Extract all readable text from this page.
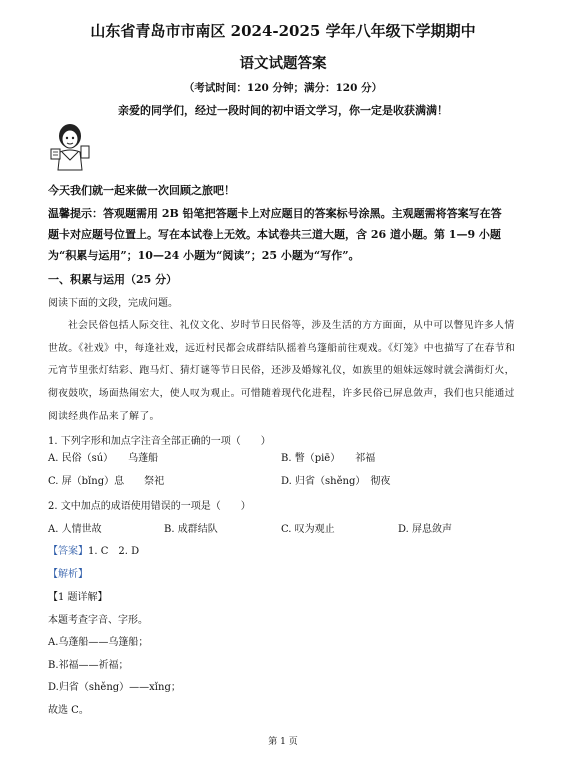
山东省青岛市市南区 2024-2025 学年八年级下学期期中
语文试题答案
（考试时间：120 分钟；满分：120 分）
亲爱的同学们，经过一段时间的初中语文学习，你一定是收获满满！
今天我们就一起来做一次回顾之旅吧！
温馨提示：答观题需用 2B 铅笔把答题卡上对应题目的答案标号涂黑。主观题需将答案写在答
题卡对应题号位置上。写在本试卷上无效。本试卷共三道大题，含 26 道小题。第 1—9 小题
为“积累与运用”；10—24 小题为“阅读”；25 小题为“写作”。
一、积累与运用（25 分）
阅读下面的文段，完成问题。
社会民俗包括人际交往、礼仪文化、岁时节日民俗等，涉及生活的方方面面，从中可以瞥见许多人情
世故。《社戏》中，每逢社戏，远近村民都会成群结队摇着乌篷船前往观戏。《灯笼》中也描写了在春节和
元宵节里张灯结彩、跑马灯、猜灯谜等节日民俗，还涉及婚嫁礼仪，如族里的姐妹远嫁时就会满街灯火，
彻夜鼓吹，场面热闹宏大，使人叹为观止。可惜随着现代化进程，许多民俗已屏息敛声，我们也只能通过
阅读经典作品来了解了。
1. 下列字形和加点字注音全部正确的一项（　　）
A. 民俗（sú）　　乌蓬船	B. 瞥（piē）　　祁福
C. 屏（bǐng）息　　祭祀	D. 归省（shěng）　彻夜
2. 文中加点的成语使用错误的一项是（　　）
A. 人情世故	B. 成群结队	C. 叹为观止	D. 屏息敛声
【答案】1. C　2. D
【解析】
【1 题详解】
本题考查字音、字形。
A.乌蓬船——乌篷船；
B.祁福——祈福；
D.归省（shěng）——xǐng；
故选 C。
第 1 页
